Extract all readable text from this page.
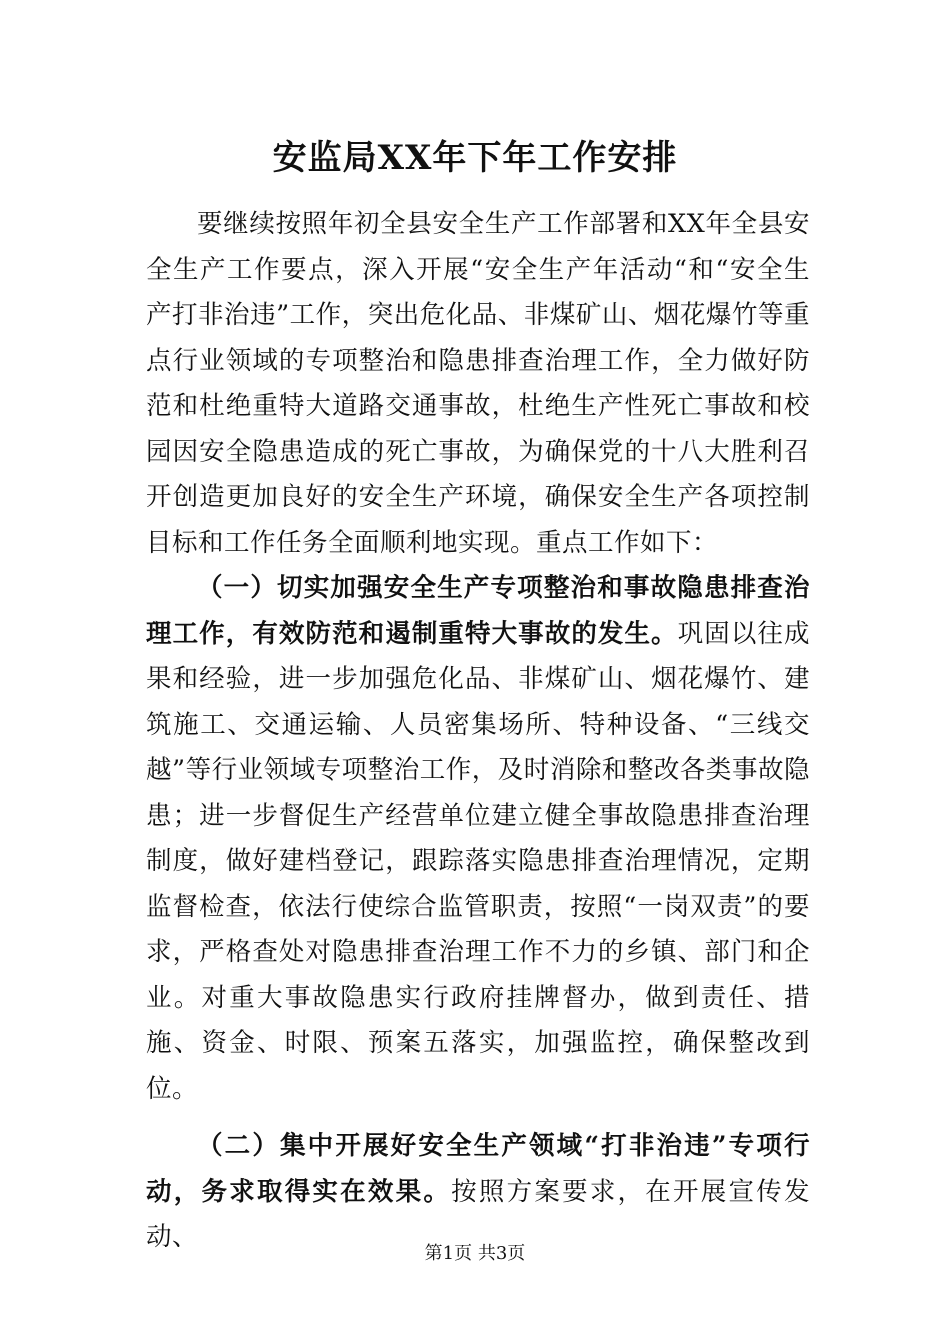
安监局XX年下年工作安排

要继续按照年初全县安全生产工作部署和XX年全县安全生产工作要点，深入开展“安全生产年活动“和“安全生产打非治违”工作，突出危化品、非煤矿山、烟花爆竹等重点行业领域的专项整治和隐患排查治理工作，全力做好防范和杜绝重特大道路交通事故，杜绝生产性死亡事故和校园因安全隐患造成的死亡事故，为确保党的十八大胜利召开创造更加良好的安全生产环境，确保安全生产各项控制目标和工作任务全面顺利地实现。重点工作如下：

（一）切实加强安全生产专项整治和事故隐患排查治理工作，有效防范和遏制重特大事故的发生。巩固以往成果和经验，进一步加强危化品、非煤矿山、烟花爆竹、建筑施工、交通运输、人员密集场所、特种设备、“三线交越”等行业领域专项整治工作，及时消除和整改各类事故隐患；进一步督促生产经营单位建立健全事故隐患排查治理制度，做好建档登记，跟踪落实隐患排查治理情况，定期监督检查，依法行使综合监管职责，按照“一岗双责”的要求，严格查处对隐患排查治理工作不力的乡镇、部门和企业。对重大事故隐患实行政府挂牌督办，做到责任、措施、资金、时限、预案五落实，加强监控，确保整改到位。

（二）集中开展好安全生产领域“打非治违”专项行动，务求取得实在效果。按照方案要求，在开展宣传发动、

第1页 共3页
